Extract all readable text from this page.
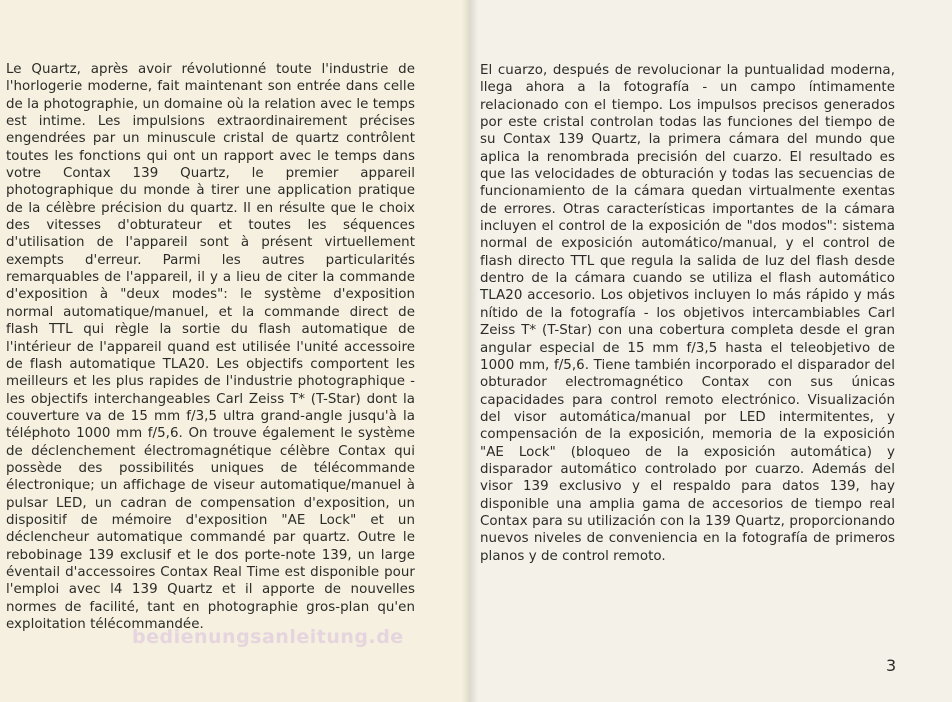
Le Quartz, après avoir révolutionné toute l'industrie de l'horlogerie moderne, fait maintenant son entrée dans celle de la photographie, un domaine où la relation avec le temps est intime. Les impulsions extraordinairement précises engendrées par un minuscule cristal de quartz contrôlent toutes les fonctions qui ont un rapport avec le temps dans votre Contax 139 Quartz, le premier appareil photographique du monde à tirer une application pratique de la célèbre précision du quartz. Il en résulte que le choix des vitesses d'obturateur et toutes les séquences d'utilisation de l'appareil sont à présent virtuellement exempts d'erreur. Parmi les autres particularités remarquables de l'appareil, il y a lieu de citer la commande d'exposition à "deux modes": le système d'exposition normal automatique/manuel, et la commande direct de flash TTL qui règle la sortie du flash automatique de l'intérieur de l'appareil quand est utilisée l'unité accessoire de flash automatique TLA20. Les objectifs comportent les meilleurs et les plus rapides de l'industrie photographique - les objectifs interchangeables Carl Zeiss T* (T-Star) dont la couverture va de 15 mm f/3,5 ultra grand-angle jusqu'à la téléphoto 1000 mm f/5,6. On trouve également le système de déclenchement électromagnétique célèbre Contax qui possède des possibilités uniques de télécommande électronique; un affichage de viseur automatique/manuel à pulsar LED, un cadran de compensation d'exposition, un dispositif de mémoire d'exposition "AE Lock" et un déclencheur automatique commandé par quartz. Outre le rebobinage 139 exclusif et le dos porte-note 139, un large éventail d'accessoires Contax Real Time est disponible pour l'emploi avec l4 139 Quartz et il apporte de nouvelles normes de facilité, tant en photographie gros-plan qu'en exploitation télécommandée.

El cuarzo, después de revolucionar la puntualidad moderna, llega ahora a la fotografía - un campo íntimamente relacionado con el tiempo. Los impulsos precisos generados por este cristal controlan todas las funciones del tiempo de su Contax 139 Quartz, la primera cámara del mundo que aplica la renombrada precisión del cuarzo. El resultado es que las velocidades de obturación y todas las secuencias de funcionamiento de la cámara quedan virtualmente exentas de errores. Otras características importantes de la cámara incluyen el control de la exposición de "dos modos": sistema normal de exposición automático/manual, y el control de flash directo TTL que regula la salida de luz del flash desde dentro de la cámara cuando se utiliza el flash automático TLA20 accesorio. Los objetivos incluyen lo más rápido y más nítido de la fotografía - los objetivos intercambiables Carl Zeiss T* (T-Star) con una cobertura completa desde el gran angular especial de 15 mm f/3,5 hasta el teleobjetivo de 1000 mm, f/5,6. Tiene también incorporado el disparador del obturador electromagnético Contax con sus únicas capacidades para control remoto electrónico. Visualización del visor automática/manual por LED intermitentes, y compensación de la exposición, memoria de la exposición "AE Lock" (bloqueo de la exposición automática) y disparador automático controlado por cuarzo. Además del visor 139 exclusivo y el respaldo para datos 139, hay disponible una amplia gama de accesorios de tiempo real Contax para su utilización con la 139 Quartz, proporcionando nuevos niveles de conveniencia en la fotografía de primeros planos y de control remoto.

bedienungsanleitung.de
3
